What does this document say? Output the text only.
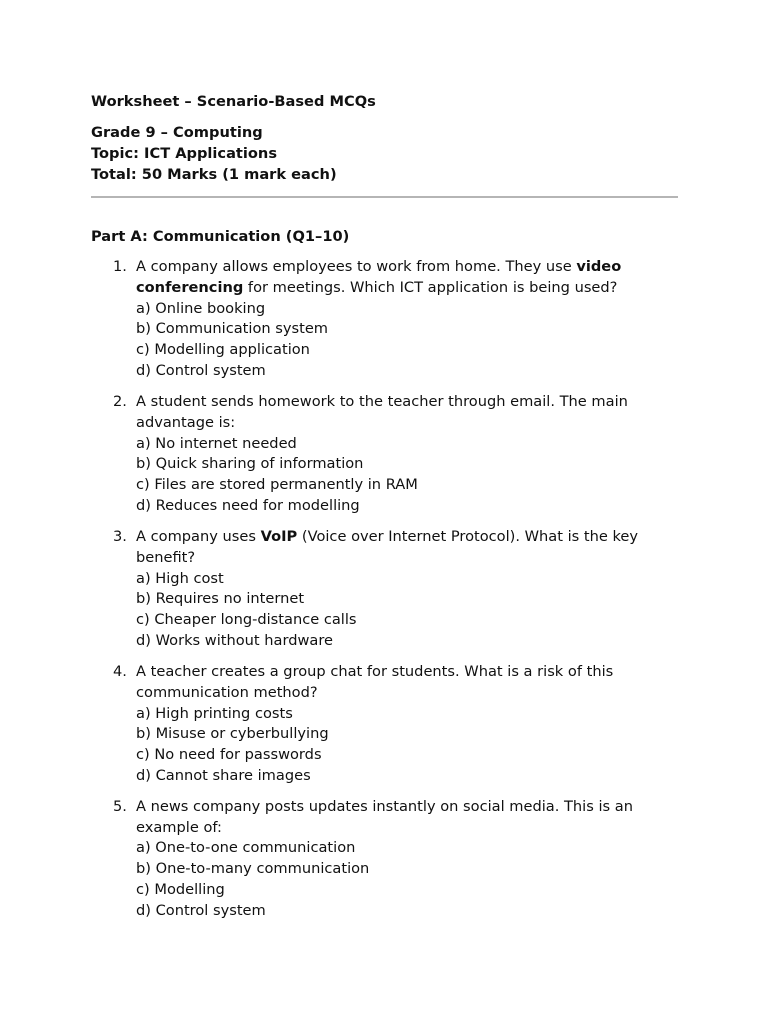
Worksheet – Scenario-Based MCQs
Grade 9 – Computing
Topic: ICT Applications
Total: 50 Marks (1 mark each)
Part A: Communication (Q1–10)
1. A company allows employees to work from home. They use video conferencing for meetings. Which ICT application is being used?
a) Online booking
b) Communication system
c) Modelling application
d) Control system
2. A student sends homework to the teacher through email. The main advantage is:
a) No internet needed
b) Quick sharing of information
c) Files are stored permanently in RAM
d) Reduces need for modelling
3. A company uses VoIP (Voice over Internet Protocol). What is the key benefit?
a) High cost
b) Requires no internet
c) Cheaper long-distance calls
d) Works without hardware
4. A teacher creates a group chat for students. What is a risk of this communication method?
a) High printing costs
b) Misuse or cyberbullying
c) No need for passwords
d) Cannot share images
5. A news company posts updates instantly on social media. This is an example of:
a) One-to-one communication
b) One-to-many communication
c) Modelling
d) Control system
